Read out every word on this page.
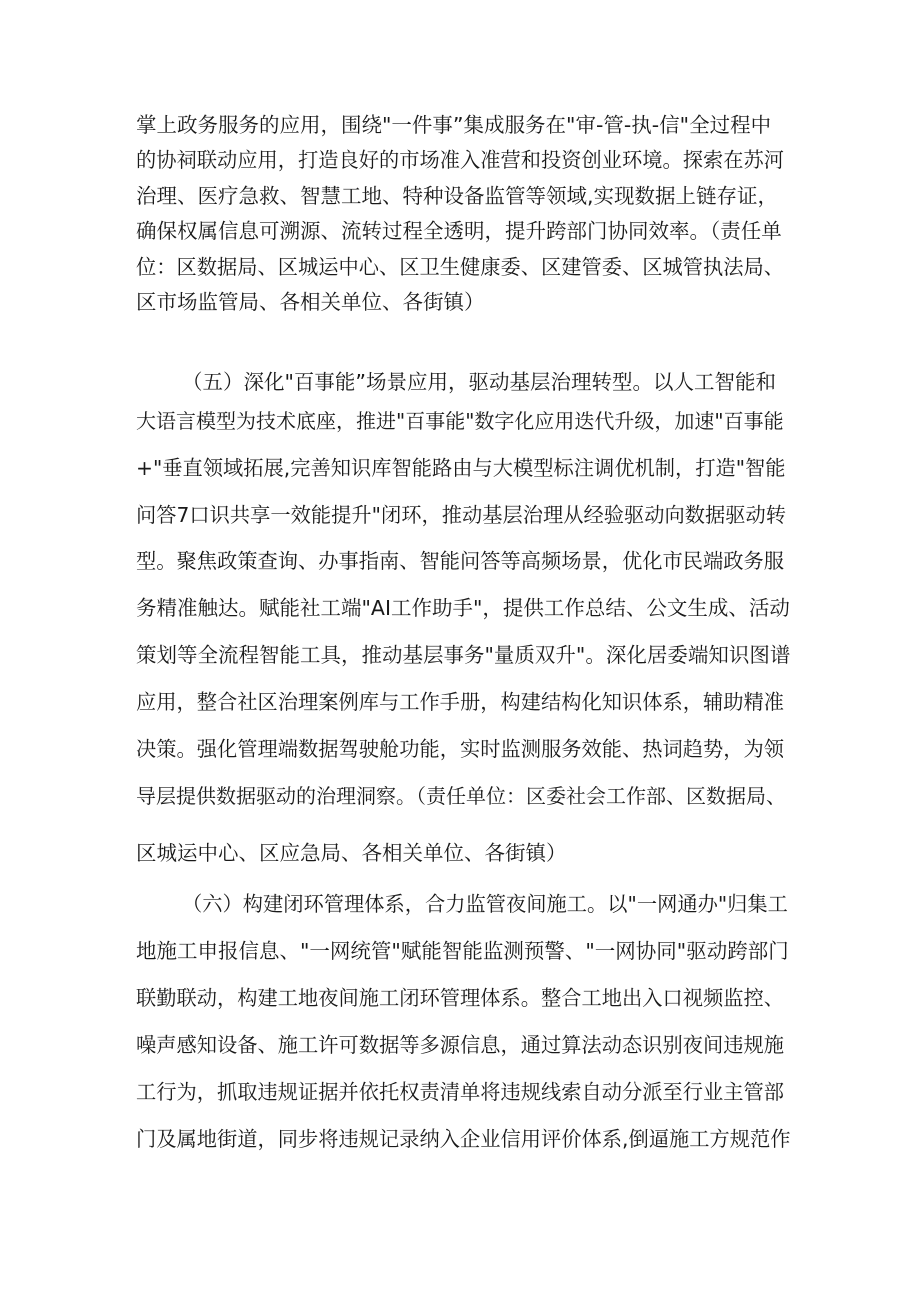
掌上政务服务的应用，围绕"一件事”集成服务在"审-管-执-信"全过程中
的协祠联动应用，打造良好的市场准入准营和投资创业环境。探索在苏河
治理、医疗急救、智慧工地、特种设备监管等领域,实现数据上链存证，
确保权属信息可溯源、流转过程全透明，提升跨部门协同效率。（责任单
位：区数据局、区城运中心、区卫生健康委、区建管委、区城管执法局、
区市场监管局、各相关单位、各街镇）
（五）深化"百事能”场景应用，驱动基层治理转型。以人工智能和
大语言模型为技术底座，推进"百事能"数字化应用迭代升级，加速"百事能
+"垂直领域拓展,完善知识库智能路由与大模型标注调优机制，打造"智能
问答7口识共享一效能提升"闭环，推动基层治理从经验驱动向数据驱动转
型。聚焦政策查询、办事指南、智能问答等高频场景，优化市民端政务服
务精准触达。赋能社工端"AI工作助手"，提供工作总结、公文生成、活动
策划等全流程智能工具，推动基层事务"量质双升"。深化居委端知识图谱
应用，整合社区治理案例库与工作手册，构建结构化知识体系，辅助精准
决策。强化管理端数据驾驶舱功能，实时监测服务效能、热词趋势，为领
导层提供数据驱动的治理洞察。（责任单位：区委社会工作部、区数据局、
区城运中心、区应急局、各相关单位、各街镇）
（六）构建闭环管理体系，合力监管夜间施工。以"一网通办"归集工
地施工申报信息、"一网统管"赋能智能监测预警、"一网协同"驱动跨部门
联勤联动，构建工地夜间施工闭环管理体系。整合工地出入口视频监控、
噪声感知设备、施工许可数据等多源信息，通过算法动态识别夜间违规施
工行为，抓取违规证据并依托权责清单将违规线索自动分派至行业主管部
门及属地街道，同步将违规记录纳入企业信用评价体系,倒逼施工方规范作
